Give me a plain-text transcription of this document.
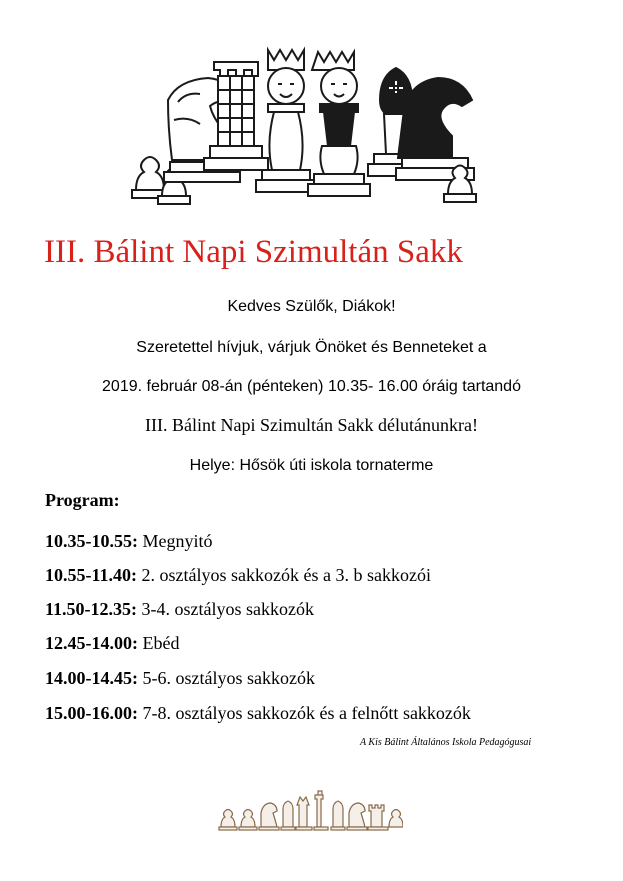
III. Bálint Napi Szimultán Sakk
Kedves Szülők, Diákok!
Szeretettel hívjuk, várjuk Önöket és Benneteket a
2019. február 08-án (pénteken) 10.35- 16.00 óráig tartandó
III. Bálint Napi Szimultán Sakk délutánunkra!
Helye: Hősök úti iskola tornaterme
Program:
10.35-10.55: Megnyitó
10.55-11.40: 2. osztályos sakkozók és a 3. b sakkozói
11.50-12.35: 3-4. osztályos sakkozók
12.45-14.00: Ebéd
14.00-14.45: 5-6. osztályos sakkozók
15.00-16.00: 7-8. osztályos sakkozók és a felnőtt sakkozók
A Kis Bálint Általános Iskola Pedagógusai
